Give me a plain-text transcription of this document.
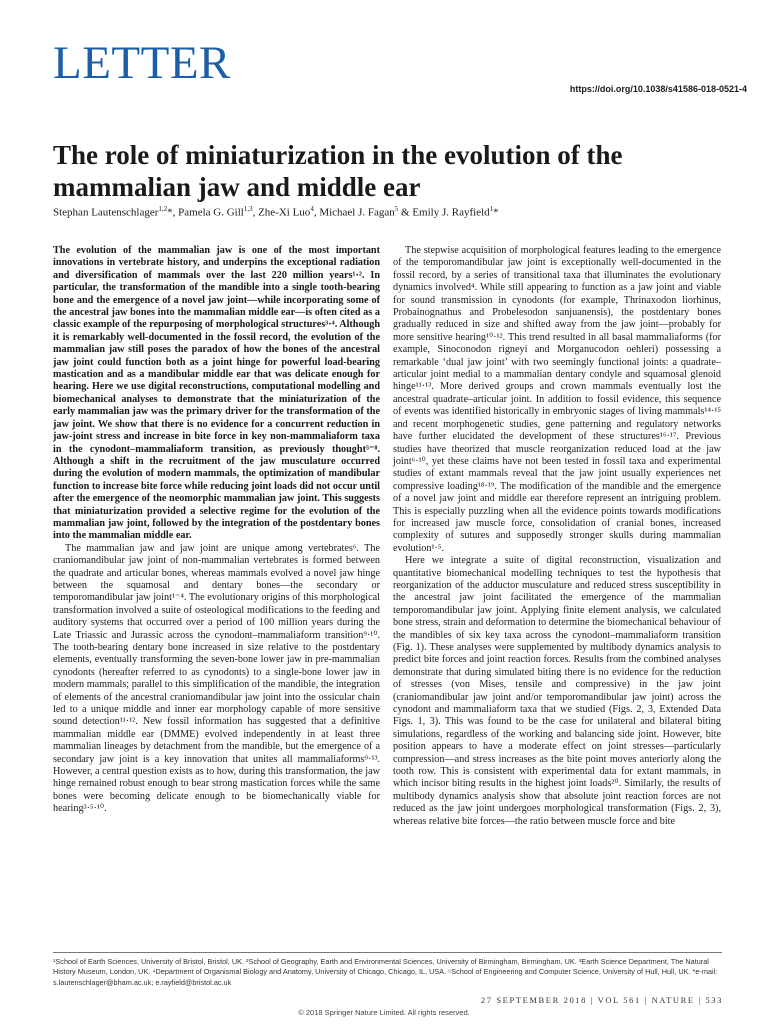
LETTER	https://doi.org/10.1038/s41586-018-0521-4
The role of miniaturization in the evolution of the mammalian jaw and middle ear
Stephan Lautenschlager$^{1,2}$*, Pamela G. Gill$^{1,3}$, Zhe-Xi Luo$^4$, Michael J. Fagan$^5$ & Emily J. Rayfield$^1$*

The evolution of the mammalian jaw is one of the most important innovations in vertebrate history, and underpins the exceptional radiation and diversification of mammals over the last 220 million years¹·². In particular, the transformation of the mandible into a single tooth-bearing bone and the emergence of a novel jaw joint—while incorporating some of the ancestral jaw bones into the mammalian middle ear—is often cited as a classic example of the repurposing of morphological structures³·⁴. Although it is remarkably well-documented in the fossil record, the evolution of the mammalian jaw still poses the paradox of how the bones of the ancestral jaw joint could function both as a joint hinge for powerful load-bearing mastication and as a mandibular middle ear that was delicate enough for hearing. Here we use digital reconstructions, computational modelling and biomechanical analyses to demonstrate that the miniaturization of the early mammalian jaw was the primary driver for the transformation of the jaw joint. We show that there is no evidence for a concurrent reduction in jaw-joint stress and increase in bite force in key non-mammaliaform taxa in the cynodont–mammaliaform transition, as previously thought⁵⁻⁸. Although a shift in the recruitment of the jaw musculature occurred during the evolution of modern mammals, the optimization of mandibular function to increase bite force while reducing joint loads did not occur until after the emergence of the neomorphic mammalian jaw joint. This suggests that miniaturization provided a selective regime for the evolution of the mammalian jaw joint, followed by the integration of the postdentary bones into the mammalian middle ear.

The mammalian jaw and jaw joint are unique among vertebrates⁶. The craniomandibular jaw joint of non-mammalian vertebrates is formed between the quadrate and articular bones, whereas mammals evolved a novel jaw hinge between the squamosal and dentary bones—the secondary or temporomandibular jaw joint¹⁻⁴. The evolutionary origins of this morphological transformation involved a suite of osteological modifications to the feeding and auditory systems that occurred over a period of 100 million years during the Late Triassic and Jurassic across the cynodont–mammaliaform transition⁹·¹⁰. The tooth-bearing dentary bone increased in size relative to the postdentary elements, eventually transforming the seven-bone lower jaw in pre-mammalian cynodonts (hereafter referred to as cynodonts) to a single-bone lower jaw in modern mammals; parallel to this simplification of the mandible, the integration of elements of the ancestral craniomandibular jaw joint into the ossicular chain led to a unique middle and inner ear morphology capable of more sensitive sound detection¹¹·¹². New fossil information has suggested that a definitive mammalian middle ear (DMME) evolved independently in at least three mammalian lineages by detachment from the mandible, but the emergence of a secondary jaw joint is a key innovation that unites all mammaliaforms⁹·¹³. However, a central question exists as to how, during this transformation, the jaw hinge remained robust enough to bear strong mastication forces while the same bones were becoming delicate enough to be biomechanically viable for hearing³·⁵·¹⁰.

The stepwise acquisition of morphological features leading to the emergence of the temporomandibular jaw joint is exceptionally well-documented in the fossil record, by a series of transitional taxa that illuminates the evolutionary dynamics involved⁴. While still appearing to function as a jaw joint and viable for sound transmission in cynodonts (for example, Thrinaxodon liorhinus, Probainognathus and Probelesodon sanjuanensis), the postdentary bones gradually reduced in size and shifted away from the jaw joint—probably for more sensitive hearing¹⁰·¹². This trend resulted in all basal mammaliaforms (for example, Sinoconodon rigneyi and Morganucodon oehleri) possessing a remarkable ‘dual jaw joint’ with two seemingly functional joints: a quadrate–articular joint medial to a mammalian dentary condyle and squamosal glenoid hinge¹¹·¹³. More derived groups and crown mammals eventually lost the ancestral quadrate–articular joint. In addition to fossil evidence, this sequence of events was identified historically in embryonic stages of living mammals¹⁴·¹⁵ and recent morphogenetic studies, gene patterning and regulatory networks have further elucidated the development of these structures¹⁶·¹⁷. Previous studies have theorized that muscle reorganization reduced load at the jaw joint⁶·¹⁰, yet these claims have not been tested in fossil taxa and experimental studies of extant mammals reveal that the jaw joint usually experiences net compressive loading¹⁸·¹⁹. The modification of the mandible and the emergence of a novel jaw joint and middle ear therefore represent an intriguing problem. This is especially puzzling when all the evidence points towards modifications for increased jaw muscle force, consolidation of cranial bones, increased complexity of sutures and supposedly stronger skulls during mammalian evolution¹·⁵.

Here we integrate a suite of digital reconstruction, visualization and quantitative biomechanical modelling techniques to test the hypothesis that reorganization of the adductor musculature and reduced stress susceptibility in the ancestral jaw joint facilitated the emergence of the mammalian temporomandibular jaw joint. Applying finite element analysis, we calculated bone stress, strain and deformation to determine the biomechanical behaviour of the mandibles of six key taxa across the cynodont–mammaliaform transition (Fig. 1). These analyses were supplemented by multibody dynamics analysis to predict bite forces and joint reaction forces. Results from the combined analyses demonstrate that during simulated biting there is no evidence for the reduction of stresses (von Mises, tensile and compressive) in the jaw joint (craniomandibular jaw joint and/or temporomandibular jaw joint) across the cynodont and mammaliaform taxa that we studied (Figs. 2, 3, Extended Data Figs. 1, 3). This was found to be the case for unilateral and bilateral biting simulations, regardless of the working and balancing side joint. However, bite position appears to have a moderate effect on joint stresses—particularly compression—and stress increases as the bite point moves anteriorly along the tooth row. This is consistent with experimental data for extant mammals, in which incisor biting results in the highest joint loads²⁰. Similarly, the results of multibody dynamics analysis show that absolute joint reaction forces are not reduced as the jaw joint undergoes morphological transformation (Figs. 2, 3), whereas relative bite forces—the ratio between muscle force and bite

¹School of Earth Sciences, University of Bristol, Bristol, UK. ²School of Geography, Earth and Environmental Sciences, University of Birmingham, Birmingham, UK. ³Earth Science Department, The Natural History Museum, London, UK. ⁴Department of Organismal Biology and Anatomy, University of Chicago, Chicago, IL, USA. ⁵School of Engineering and Computer Science, University of Hull, Hull, UK. *e-mail: s.lautenschlager@bham.ac.uk; e.rayfield@bristol.ac.uk
27 SEPTEMBER 2018 | VOL 561 | NATURE | 533
© 2018 Springer Nature Limited. All rights reserved.
